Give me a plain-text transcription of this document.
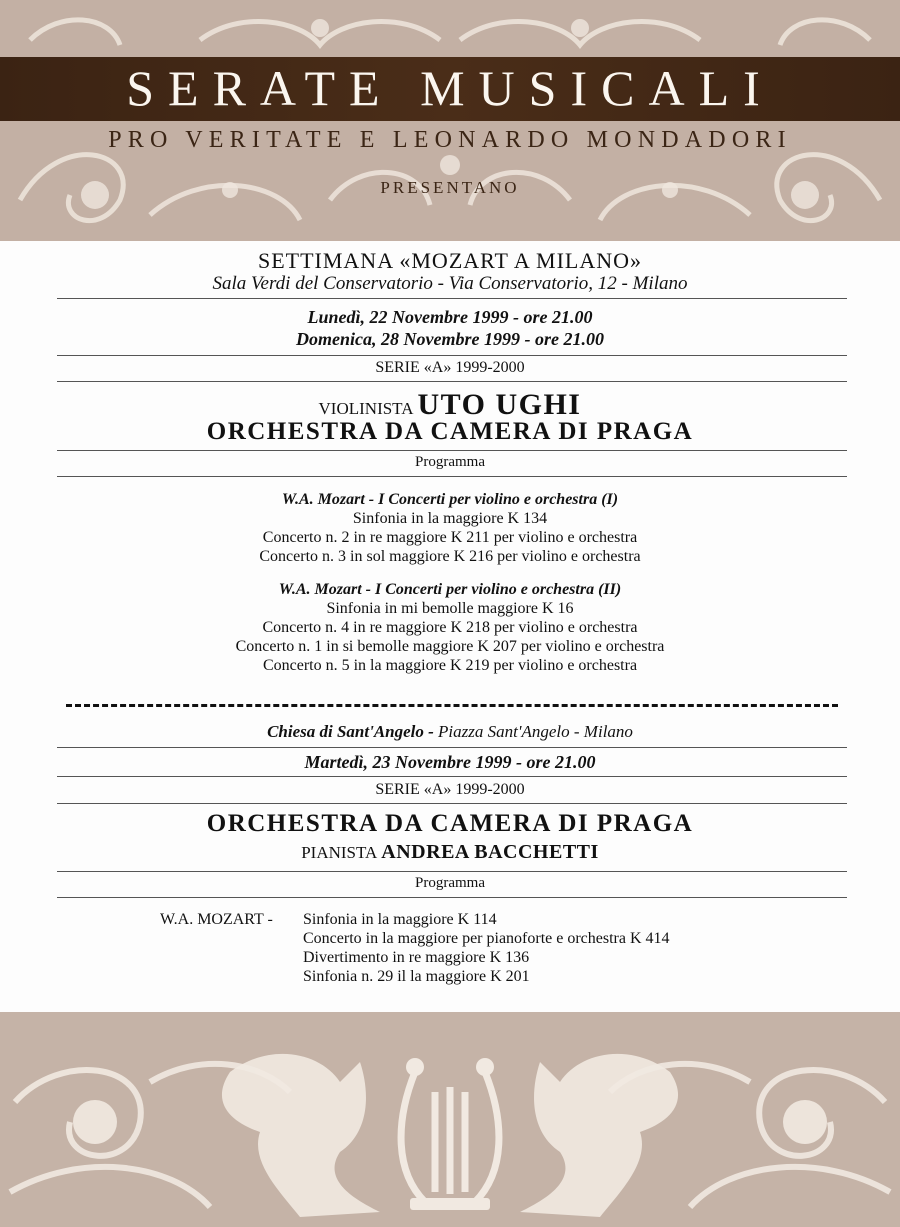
SERATE MUSICALI
PRO VERITATE E LEONARDO MONDADORI
PRESENTANO
SETTIMANA «MOZART A MILANO»
Sala Verdi del Conservatorio - Via Conservatorio, 12 - Milano
Lunedì, 22 Novembre 1999 - ore 21.00
Domenica, 28 Novembre 1999 - ore 21.00
SERIE «A» 1999-2000
VIOLINISTA UTO UGHI
ORCHESTRA DA CAMERA DI PRAGA
Programma
W.A. Mozart - I Concerti per violino e orchestra (I)
Sinfonia in la maggiore K 134
Concerto n. 2 in re maggiore K 211 per violino e orchestra
Concerto n. 3 in sol maggiore K 216 per violino e orchestra
W.A. Mozart - I Concerti per violino e orchestra (II)
Sinfonia in mi bemolle maggiore K 16
Concerto n. 4 in re maggiore K 218 per violino e orchestra
Concerto n. 1 in si bemolle maggiore K 207 per violino e orchestra
Concerto n. 5 in la maggiore K 219 per violino e orchestra
Chiesa di Sant'Angelo - Piazza Sant'Angelo - Milano
Martedì, 23 Novembre 1999 - ore 21.00
SERIE «A» 1999-2000
ORCHESTRA DA CAMERA DI PRAGA
PIANISTA ANDREA BACCHETTI
Programma
W.A. MOZART - Sinfonia in la maggiore K 114
Concerto in la maggiore per pianoforte e orchestra K 414
Divertimento in re maggiore K 136
Sinfonia n. 29 il la maggiore K 201
